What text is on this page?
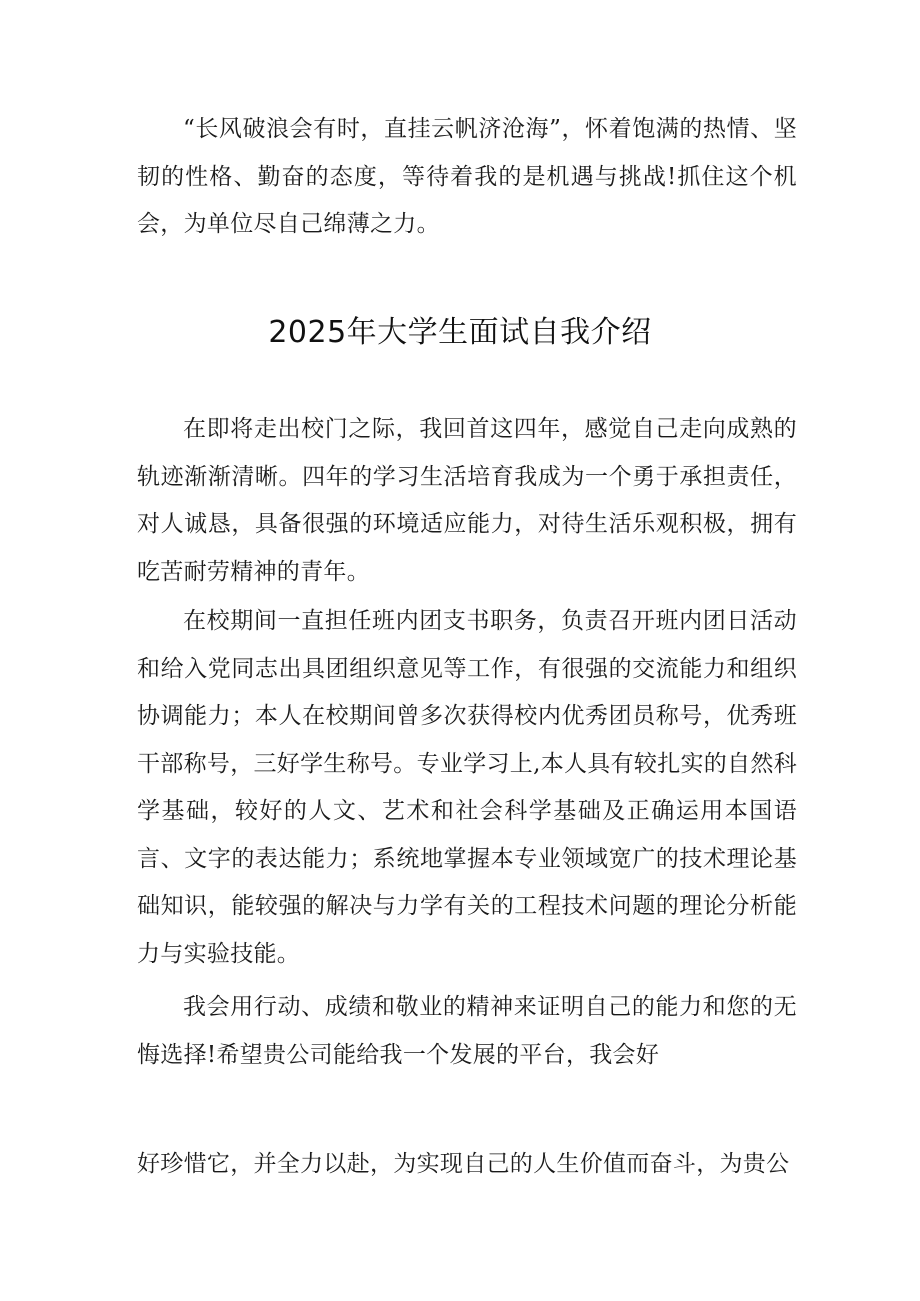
“长风破浪会有时，直挂云帆济沧海”，怀着饱满的热情、坚韧的性格、勤奋的态度，等待着我的是机遇与挑战!抓住这个机会，为单位尽自己绵薄之力。

2025年大学生面试自我介绍

在即将走出校门之际，我回首这四年，感觉自己走向成熟的轨迹渐渐清晰。四年的学习生活培育我成为一个勇于承担责任，对人诚恳，具备很强的环境适应能力，对待生活乐观积极，拥有吃苦耐劳精神的青年。

在校期间一直担任班内团支书职务，负责召开班内团日活动和给入党同志出具团组织意见等工作，有很强的交流能力和组织协调能力；本人在校期间曾多次获得校内优秀团员称号，优秀班干部称号，三好学生称号。专业学习上,本人具有较扎实的自然科学基础，较好的人文、艺术和社会科学基础及正确运用本国语言、文字的表达能力；系统地掌握本专业领域宽广的技术理论基础知识，能较强的解决与力学有关的工程技术问题的理论分析能力与实验技能。

我会用行动、成绩和敬业的精神来证明自己的能力和您的无悔选择!希望贵公司能给我一个发展的平台，我会好

好珍惜它，并全力以赴，为实现自己的人生价值而奋斗，为贵公
